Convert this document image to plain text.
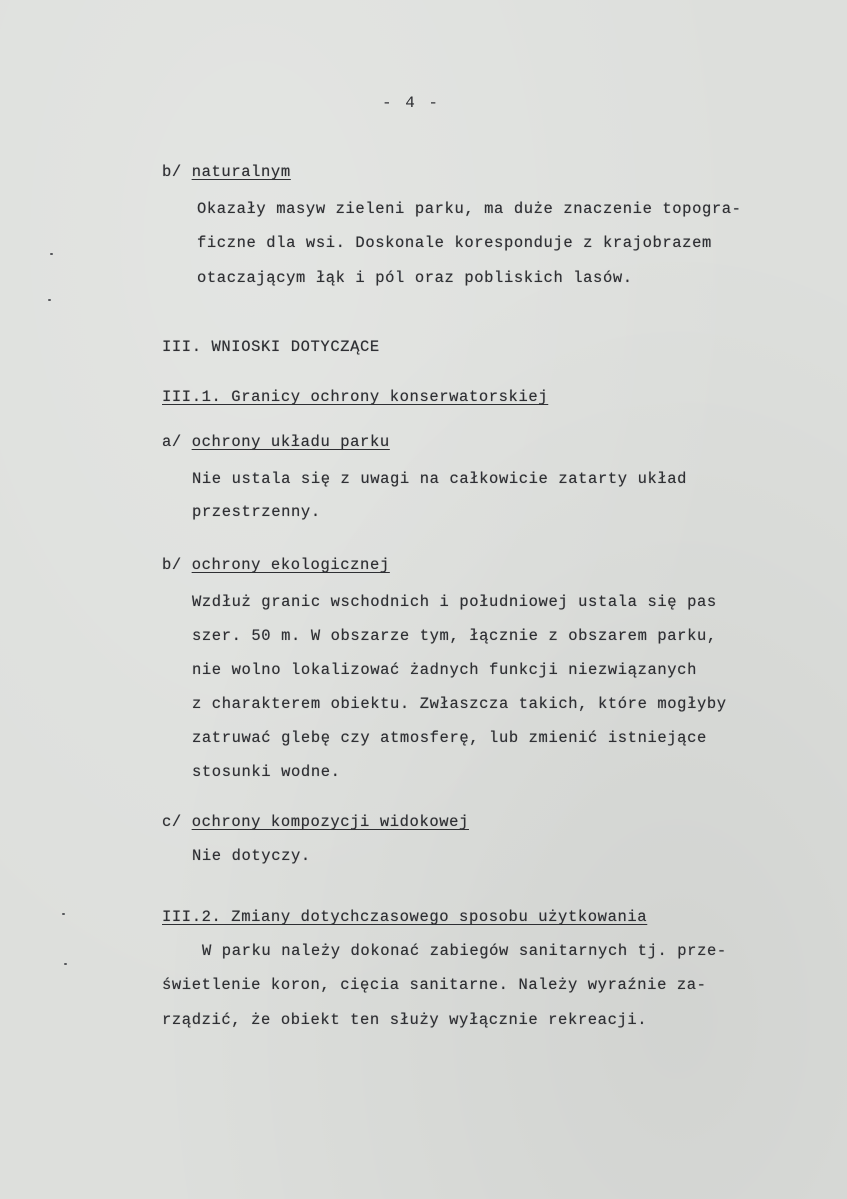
- 4 -
b/ naturalnym
Okazały masyw zieleni parku, ma duże znaczenie topogra-
ficzne dla wsi. Doskonale koresponduje z krajobrazem
otaczającym łąk i pól oraz pobliskich lasów.
III. WNIOSKI DOTYCZĄCE
III.1. Granicy ochrony konserwatorskiej
a/ ochrony układu parku
Nie ustala się z uwagi na całkowicie zatarty układ
przestrzenny.
b/ ochrony ekologicznej
Wzdłuż granic wschodnich i południowej ustala się pas
szer. 50 m. W obszarze tym, łącznie z obszarem parku,
nie wolno lokalizować żadnych funkcji niezwiązanych
z charakterem obiektu. Zwłaszcza takich, które mogłyby
zatruwać glebę czy atmosferę, lub zmienić istniejące
stosunki wodne.
c/ ochrony kompozycji widokowej
Nie dotyczy.
III.2. Zmiany dotychczasowego sposobu użytkowania
W parku należy dokonać zabiegów sanitarnych tj. prze-
świetlenie koron, cięcia sanitarne. Należy wyraźnie za-
rządzić, że obiekt ten służy wyłącznie rekreacji.
